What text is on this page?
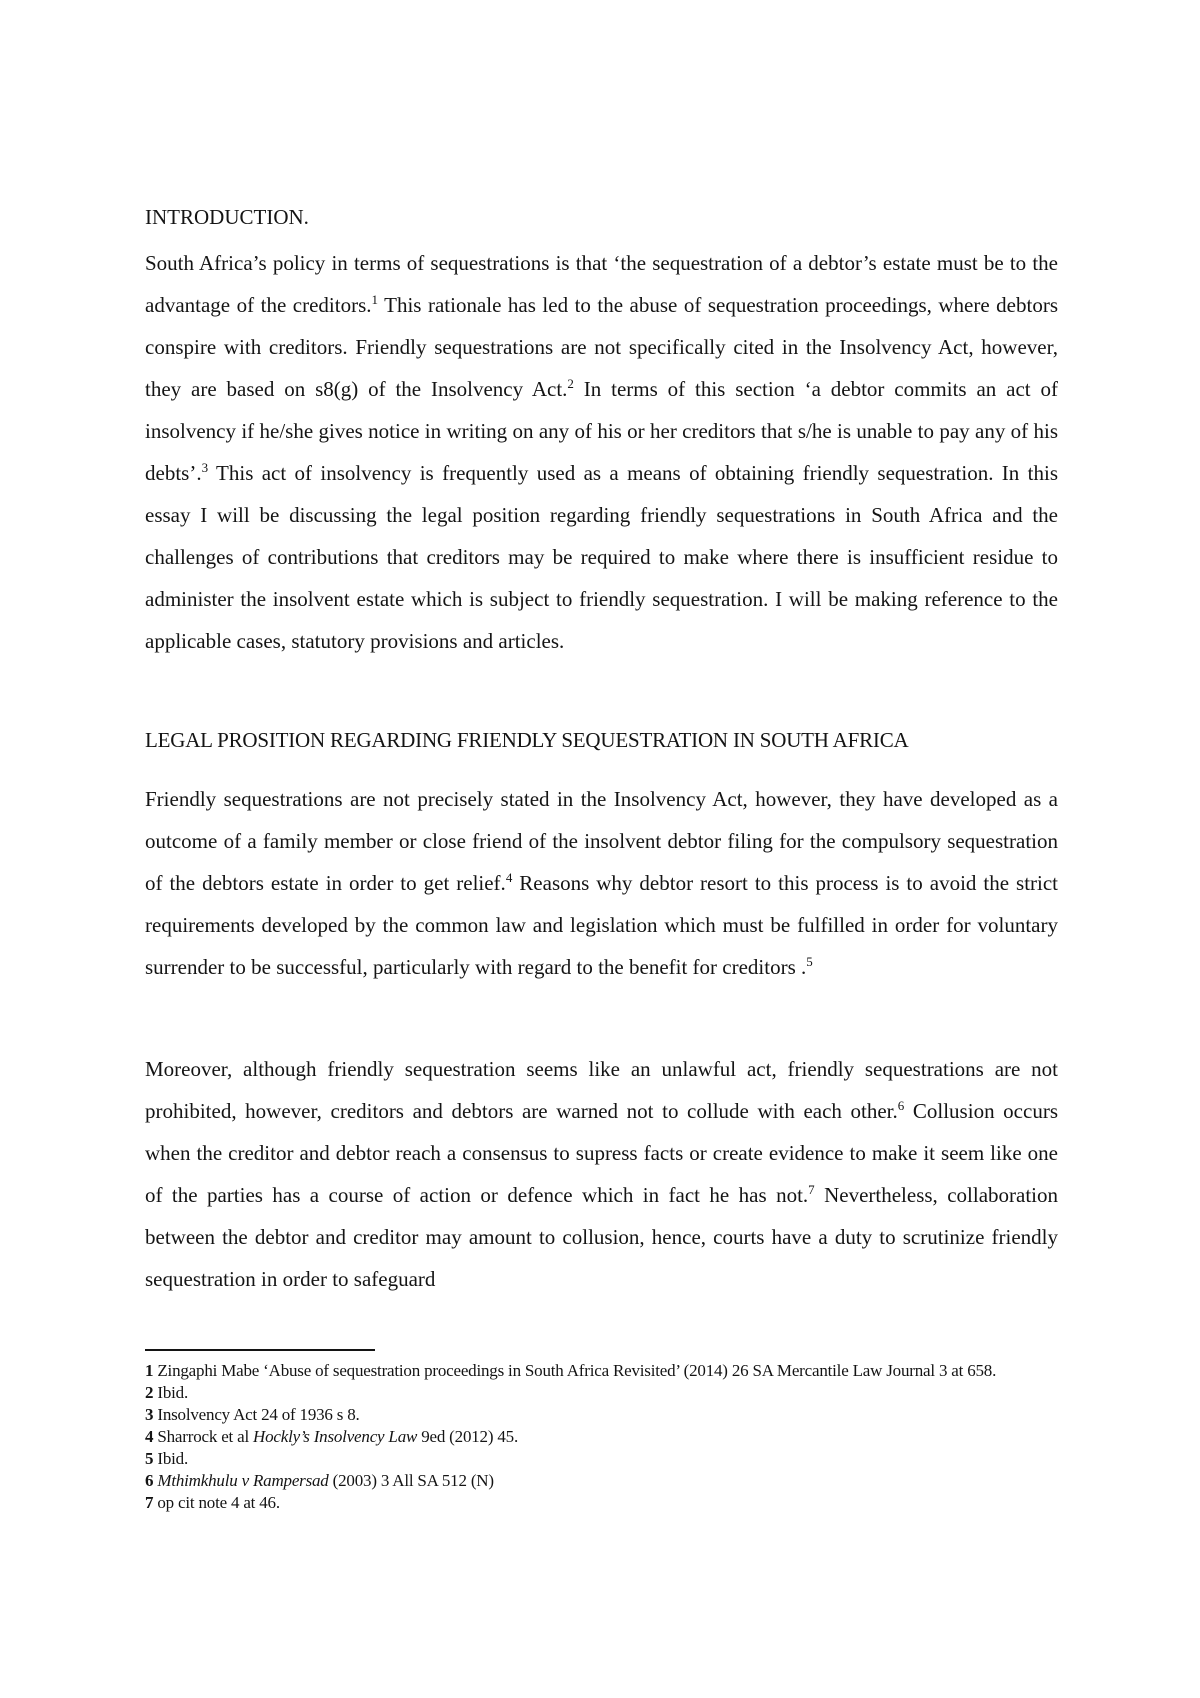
INTRODUCTION.

South Africa’s policy in terms of sequestrations is that ‘the sequestration of a debtor’s estate must be to the advantage of the creditors.$^1$ This rationale has led to the abuse of sequestration proceedings, where debtors conspire with creditors. Friendly sequestrations are not specifically cited in the Insolvency Act, however, they are based on s8(g) of the Insolvency Act.$^2$ In terms of this section ‘a debtor commits an act of insolvency if he/she gives notice in writing on any of his or her creditors that s/he is unable to pay any of his debts’.$^3$ This act of insolvency is frequently used as a means of obtaining friendly sequestration. In this essay I will be discussing the legal position regarding friendly sequestrations in South Africa and the challenges of contributions that creditors may be required to make where there is insufficient residue to administer the insolvent estate which is subject to friendly sequestration. I will be making reference to the applicable cases, statutory provisions and articles.

LEGAL PROSITION REGARDING FRIENDLY SEQUESTRATION IN SOUTH AFRICA

Friendly sequestrations are not precisely stated in the Insolvency Act, however, they have developed as a outcome of a family member or close friend of the insolvent debtor filing for the compulsory sequestration of the debtors estate in order to get relief.$^4$ Reasons why debtor resort to this process is to avoid the strict requirements developed by the common law and legislation which must be fulfilled in order for voluntary surrender to be successful, particularly with regard to the benefit for creditors .$^5$

Moreover, although friendly sequestration seems like an unlawful act, friendly sequestrations are not prohibited, however, creditors and debtors are warned not to collude with each other.$^6$ Collusion occurs when the creditor and debtor reach a consensus to supress facts or create evidence to make it seem like one of the parties has a course of action or defence which in fact he has not.$^7$ Nevertheless, collaboration between the debtor and creditor may amount to collusion, hence, courts have a duty to scrutinize friendly sequestration in order to safeguard

1 Zingaphi Mabe ‘Abuse of sequestration proceedings in South Africa Revisited’ (2014) 26 SA Mercantile Law Journal 3 at 658.
2 Ibid.
3 Insolvency Act 24 of 1936 s 8.
4 Sharrock et al Hockly’s Insolvency Law 9ed (2012) 45.
5 Ibid.
6 Mthimkhulu v Rampersad (2003) 3 All SA 512 (N)
7 op cit note 4 at 46.
